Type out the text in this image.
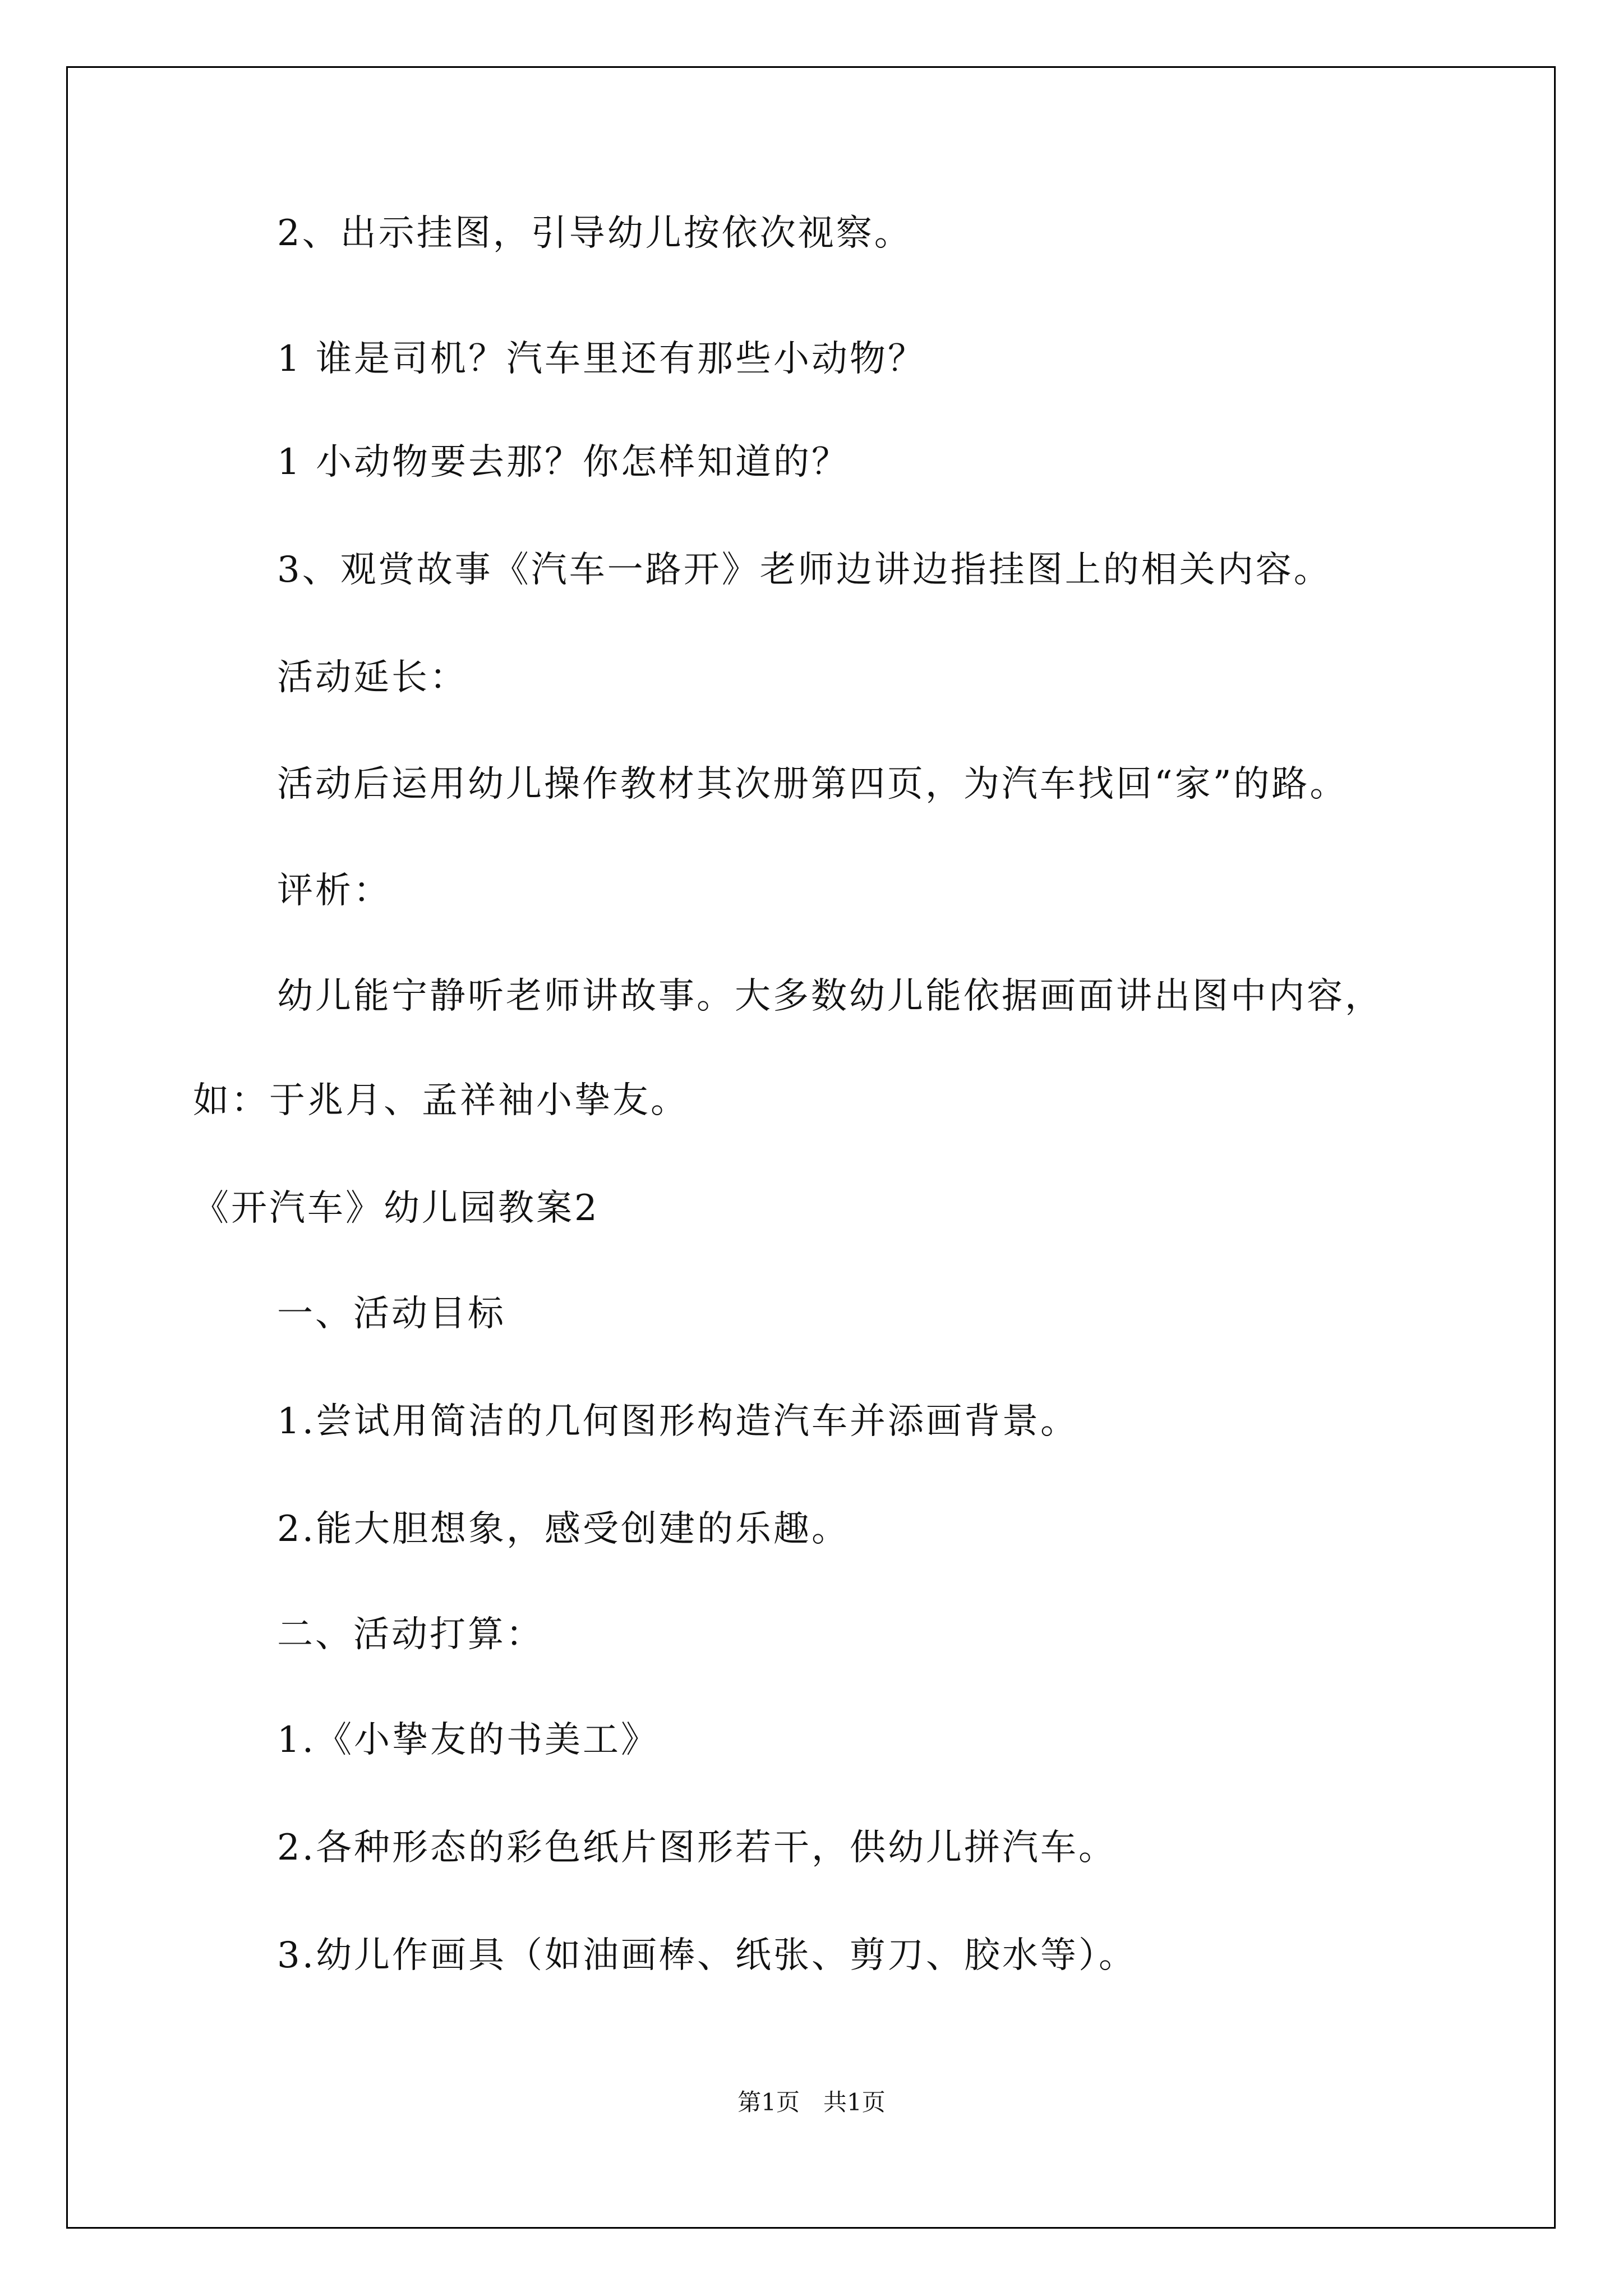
2、出示挂图，引导幼儿按依次视察。
1 谁是司机？汽车里还有那些小动物？
1 小动物要去那？你怎样知道的？
3、观赏故事《汽车一路开》老师边讲边指挂图上的相关内容。
活动延长：
活动后运用幼儿操作教材其次册第四页，为汽车找回“家”的路。
评析：
幼儿能宁静听老师讲故事。大多数幼儿能依据画面讲出图中内容，
如：于兆月、孟祥袖小挚友。
《开汽车》幼儿园教案2
一、活动目标
1.尝试用简洁的几何图形构造汽车并添画背景。
2.能大胆想象，感受创建的乐趣。
二、活动打算：
1.《小挚友的书美工》
2.各种形态的彩色纸片图形若干，供幼儿拼汽车。
3.幼儿作画具（如油画棒、纸张、剪刀、胶水等）。
第1页　共1页
